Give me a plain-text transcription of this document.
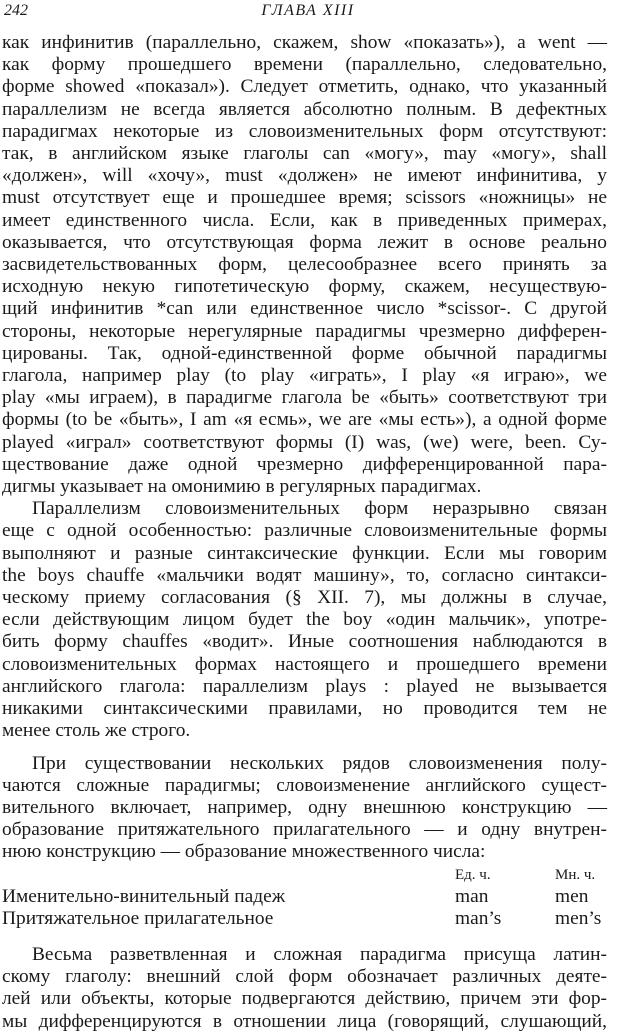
242	ГЛАВА XIII
как инфинитив (параллельно, скажем, show «показать»), a went —
как форму прошедшего времени (параллельно, следовательно,
форме showed «показал»). Следует отметить, однако, что указанный
параллелизм не всегда является абсолютно полным. В дефектных
парадигмах некоторые из словоизменительных форм отсутствуют:
так, в английском языке глаголы can «могу», may «могу», shall
«должен», will «хочу», must «должен» не имеют инфинитива, у
must отсутствует еще и прошедшее время; scissors «ножницы» не
имеет единственного числа. Если, как в приведенных примерах,
оказывается, что отсутствующая форма лежит в основе реально
засвидетельствованных форм, целесообразнее всего принять за
исходную некую гипотетическую форму, скажем, несуществую-
щий инфинитив *can или единственное число *scissor-. С другой
стороны, некоторые нерегулярные парадигмы чрезмерно дифферен-
цированы. Так, одной-единственной форме обычной парадигмы
глагола, например play (to play «играть», I play «я играю», we
play «мы играем), в парадигме глагола be «быть» соответствуют три
формы (to be «быть», I am «я есмь», we are «мы есть»), а одной форме
played «играл» соответствуют формы (I) was, (we) were, been. Су-
ществование даже одной чрезмерно дифференцированной пара-
дигмы указывает на омонимию в регулярных парадигмах.
Параллелизм словоизменительных форм неразрывно связан
еще с одной особенностью: различные словоизменительные формы
выполняют и разные синтаксические функции. Если мы говорим
the boys chauffe «мальчики водят машину», то, согласно синтакси-
ческому приему согласования (§ XII. 7), мы должны в случае,
если действующим лицом будет the boy «один мальчик», употре-
бить форму chauffes «водит». Иные соотношения наблюдаются в
словоизменительных формах настоящего и прошедшего времени
английского глагола: параллелизм plays : played не вызывается
никакими синтаксическими правилами, но проводится тем не
менее столь же строго.
При существовании нескольких рядов словоизменения полу-
чаются сложные парадигмы; словоизменение английского сущест-
вительного включает, например, одну внешнюю конструкцию —
образование притяжательного прилагательного — и одну внутрен-
нюю конструкцию — образование множественного числа:
Ед. ч.	Мн. ч.
Именительно-винительный падеж	man	men
Притяжательное прилагательное	man’s	men’s
Весьма разветвленная и сложная парадигма присуща латин-
скому глаголу: внешний слой форм обозначает различных деяте-
лей или объекты, которые подвергаются действию, причем эти фор-
мы дифференцируются в отношении лица (говорящий, слушающий,
